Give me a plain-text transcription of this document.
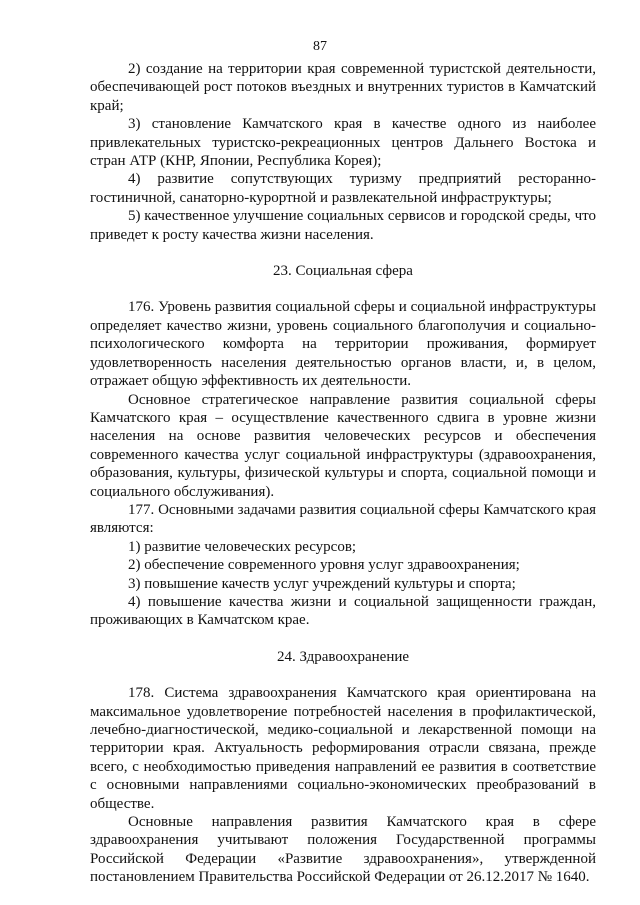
87

2) создание на территории края современной туристской деятельности, обеспечивающей рост потоков въездных и внутренних туристов в Камчатский край;

3) становление Камчатского края в качестве одного из наиболее привлекательных туристско-рекреационных центров Дальнего Востока и стран АТР (КНР, Японии, Республика Корея);

4) развитие сопутствующих туризму предприятий ресторанно-гостиничной, санаторно-курортной и развлекательной инфраструктуры;

5) качественное улучшение социальных сервисов и городской среды, что приведет к росту качества жизни населения.

23. Социальная сфера

176. Уровень развития социальной сферы и социальной инфраструктуры определяет качество жизни, уровень социального благополучия и социально-психологического комфорта на территории проживания, формирует удовлетворенность населения деятельностью органов власти, и, в целом, отражает общую эффективность их деятельности.

Основное стратегическое направление развития социальной сферы Камчатского края – осуществление качественного сдвига в уровне жизни населения на основе развития человеческих ресурсов и обеспечения современного качества услуг социальной инфраструктуры (здравоохранения, образования, культуры, физической культуры и спорта, социальной помощи и социального обслуживания).

177. Основными задачами развития социальной сферы Камчатского края являются:

1) развитие человеческих ресурсов;

2) обеспечение современного уровня услуг здравоохранения;

3) повышение качеств услуг учреждений культуры и спорта;

4) повышение качества жизни и социальной защищенности граждан, проживающих в Камчатском крае.

24. Здравоохранение

178. Система здравоохранения Камчатского края ориентирована на максимальное удовлетворение потребностей населения в профилактической, лечебно-диагностической, медико-социальной и лекарственной помощи на территории края. Актуальность реформирования отрасли связана, прежде всего, с необходимостью приведения направлений ее развития в соответствие с основными направлениями социально-экономических преобразований в обществе.

Основные направления развития Камчатского края в сфере здравоохранения учитывают положения Государственной программы Российской Федерации «Развитие здравоохранения», утвержденной постановлением Правительства Российской Федерации от 26.12.2017 № 1640.
